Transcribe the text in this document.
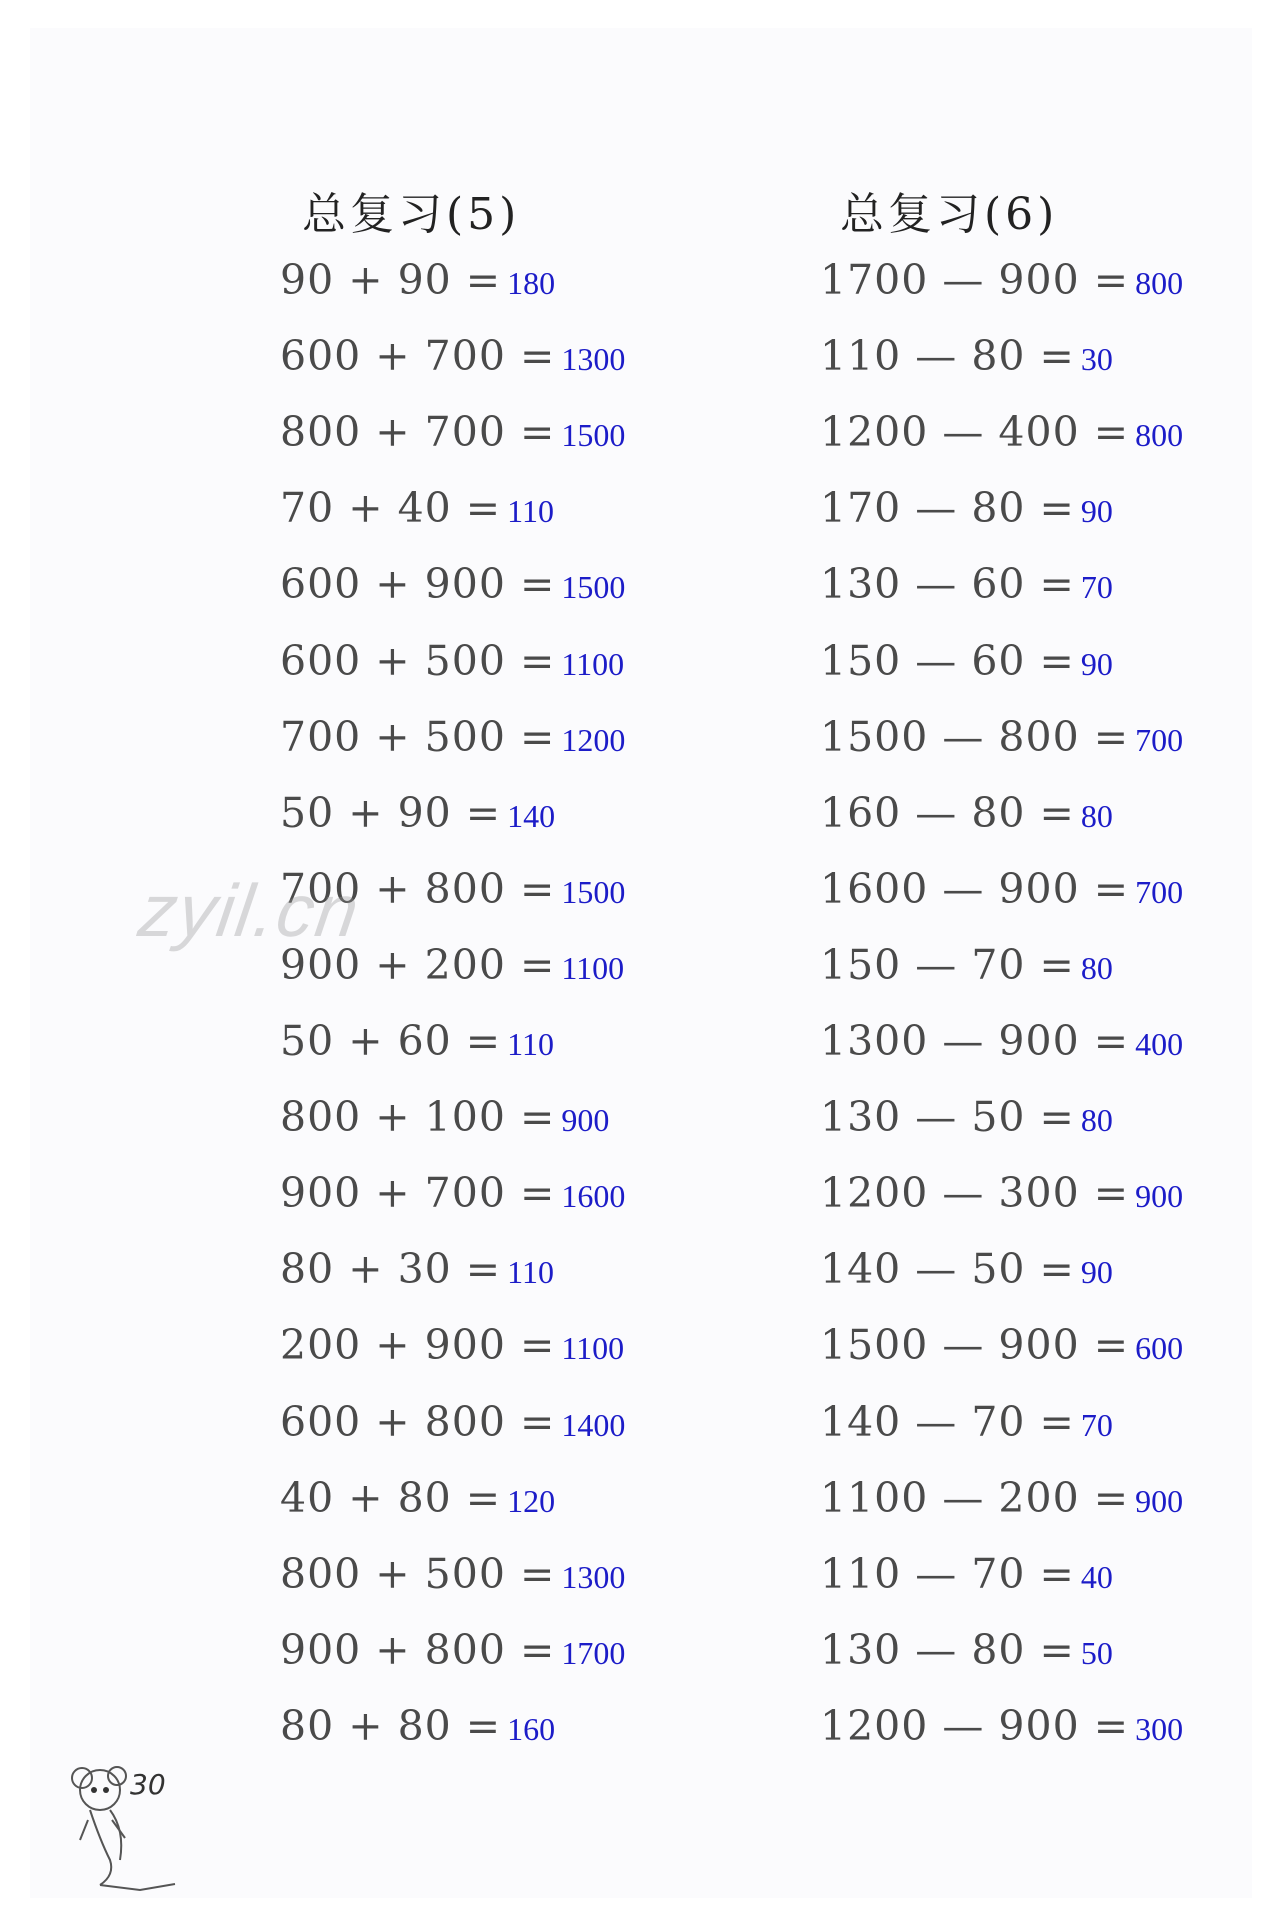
总复习(5)	总复习(6)
90 + 90 = 180
600 + 700 = 1300
800 + 700 = 1500
70 + 40 = 110
600 + 900 = 1500
600 + 500 = 1100
700 + 500 = 1200
50 + 90 = 140
700 + 800 = 1500
900 + 200 = 1100
50 + 60 = 110
800 + 100 = 900
900 + 700 = 1600
80 + 30 = 110
200 + 900 = 1100
600 + 800 = 1400
40 + 80 = 120
800 + 500 = 1300
900 + 800 = 1700
80 + 80 = 160
1700 — 900 = 800
110 — 80 = 30
1200 — 400 = 800
170 — 80 = 90
130 — 60 = 70
150 — 60 = 90
1500 — 800 = 700
160 — 80 = 80
1600 — 900 = 700
150 — 70 = 80
1300 — 900 = 400
130 — 50 = 80
1200 — 300 = 900
140 — 50 = 90
1500 — 900 = 600
140 — 70 = 70
1100 — 200 = 900
110 — 70 = 40
130 — 80 = 50
1200 — 900 = 300
zyil.cn
30
